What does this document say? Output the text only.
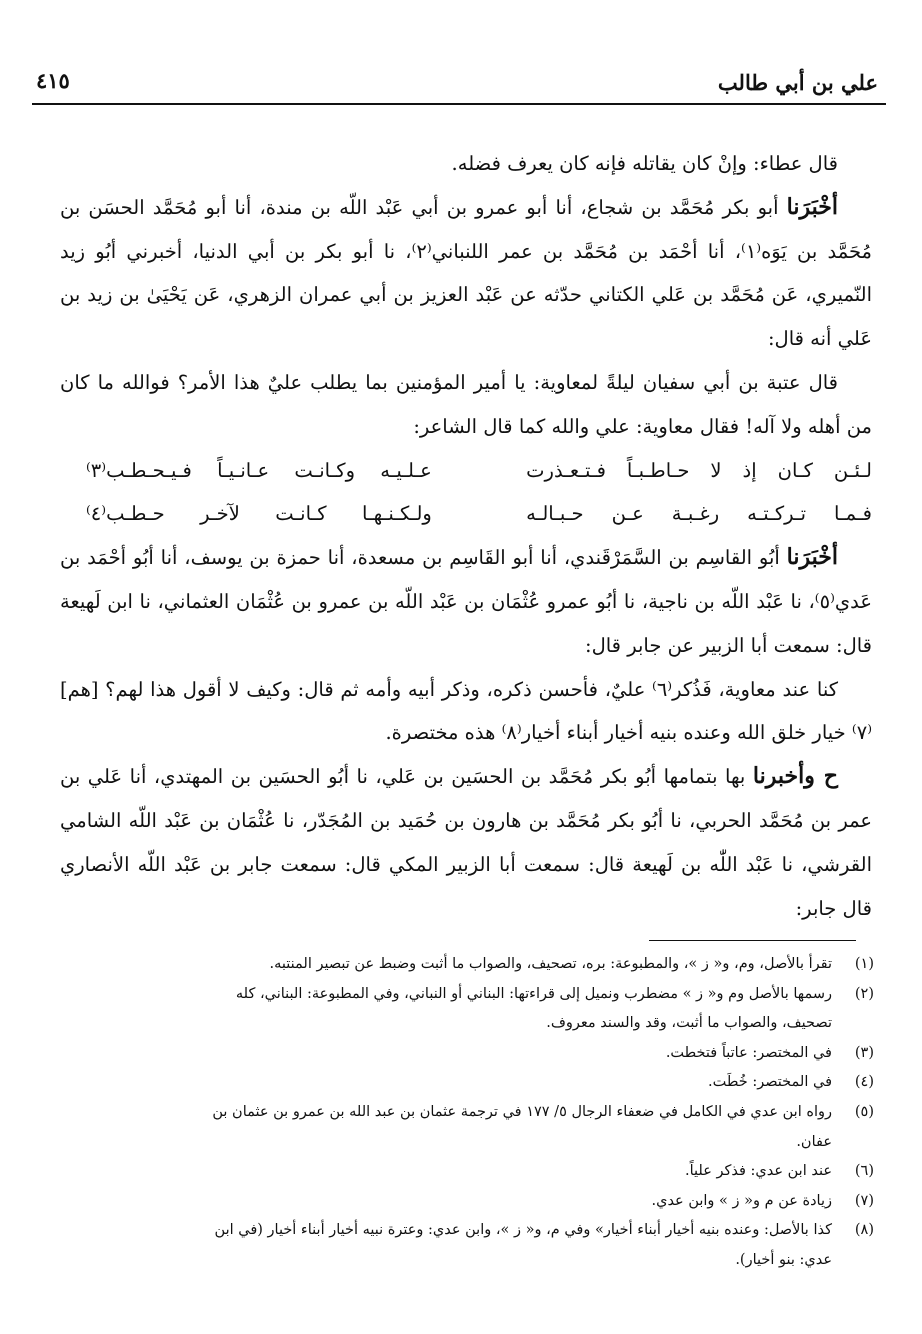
علي بن أبي طالب
٤١٥

قال عطاء: وإنْ كان يقاتله فإنه كان يعرف فضله.

أخْبَرَنا أبو بكر مُحَمَّد بن شجاع، أنا أبو عمرو بن أبي عَبْد اللّه بن مندة، أنا أبو مُحَمَّد الحسَن بن مُحَمَّد بن يَوَه⁽١⁾، أنا أحْمَد بن مُحَمَّد بن عمر اللنباني⁽٢⁾، نا أبو بكر بن أبي الدنيا، أخبرني أبُو زيد النّميري، عَن مُحَمَّد بن عَلي الكتاني حدّثه عن عَبْد العزيز بن أبي عمران الزهري، عَن يَحْيَىٰ بن زيد بن عَلي أنه قال:

قال عتبة بن أبي سفيان ليلةً لمعاوية: يا أمير المؤمنين بما يطلب عليٌ هذا الأمر؟ فوالله ما كان من أهله ولا آله! فقال معاوية: علي والله كما قال الشاعر:

لـئـن كـان إذ لا حـاطـبـاً فـتـعـذرت
عـلـيـه وكـانـت عـانـيـاً فـيـحـطـب⁽٣⁾
فـمـا تـركـتـه رغـبـة عـن حـبـالـه
ولـكـنـهـا كـانـت لآخـر حـطـب⁽٤⁾

أخْبَرَنا أبُو القاسِم بن السَّمَرْقَندي، أنا أبو القَاسِم بن مسعدة، أنا حمزة بن يوسف، أنا أبُو أحْمَد بن عَدي⁽٥⁾، نا عَبْد اللّه بن ناجية، نا أبُو عمرو عُثْمَان بن عَبْد اللّه بن عمرو بن عُثْمَان العثماني، نا ابن لَهيعة قال: سمعت أبا الزبير عن جابر قال:

كنا عند معاوية، فَذُكر⁽٦⁾ عليٌ، فأحسن ذكره، وذكر أبيه وأمه ثم قال: وكيف لا أقول هذا لهم؟ [هم]⁽٧⁾ خيار خلق الله وعنده بنيه أخيار أبناء أخيار⁽٨⁾ هذه مختصرة.

ح وأخبرنا بها بتمامها أبُو بكر مُحَمَّد بن الحسَين بن عَلي، نا أبُو الحسَين بن المهتدي، أنا عَلي بن عمر بن مُحَمَّد الحربي، نا أبُو بكر مُحَمَّد بن هارون بن حُمَيد بن المُجَدّر، نا عُثْمَان بن عَبْد اللّه الشامي القرشي، نا عَبْد اللّٰه بن لَهيعة قال: سمعت أبا الزبير المكي قال: سمعت جابر بن عَبْد اللّه الأنصاري قال جابر:

(١)

تقرأ بالأصل، وم، و« ز »، والمطبوعة: بره، تصحيف، والصواب ما أثبت وضبط عن تبصير المنتبه.

(٢)

رسمها بالأصل وم و« ز » مضطرب ونميل إلى قراءتها: البناني أو النباني، وفي المطبوعة: البناني، كله

تصحيف، والصواب ما أثبت، وقد والسند معروف.

(٣)

في المختصر: عاتباً فتخطت.

(٤)

في المختصر: خُطَت.

(٥)

رواه ابن عدي في الكامل في ضعفاء الرجال ٥/ ١٧٧ في ترجمة عثمان بن عبد الله بن عمرو بن عثمان بن

عفان.

(٦)

عند ابن عدي: فذكر علياً.

(٧)

زيادة عن م و« ز » وابن عدي.

(٨)

كذا بالأصل: وعنده بنيه أخيار أبناء أخيار» وفي م، و« ز »، وابن عدي: وعترة نبيه أخيار أبناء أخيار (في ابن

عدي: بنو أخيار).
